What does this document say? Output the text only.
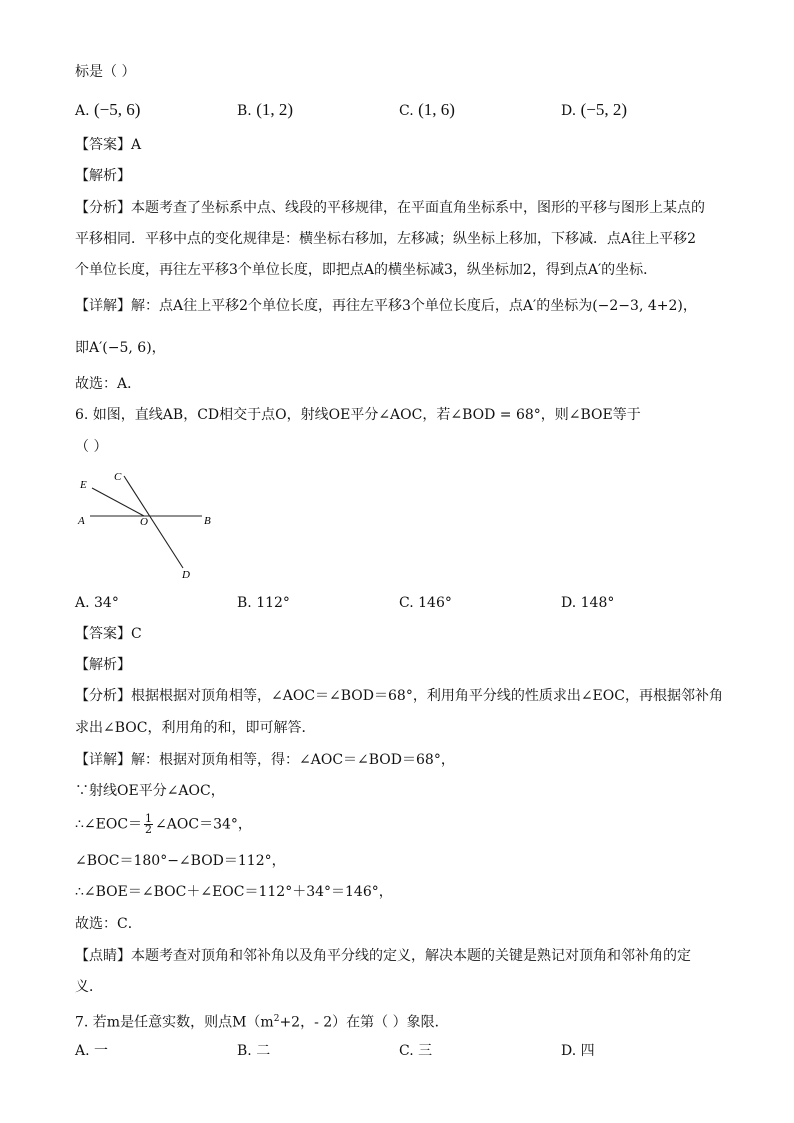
标是（ ）
A. (−5, 6)	B. (1, 2)	C. (1, 6)	D. (−5, 2)
【答案】A
【解析】
【分析】本题考查了坐标系中点、线段的平移规律，在平面直角坐标系中，图形的平移与图形上某点的
平移相同．平移中点的变化规律是：横坐标右移加，左移减；纵坐标上移加，下移减．点A往上平移2
个单位长度，再往左平移3个单位长度，即把点A的横坐标减3，纵坐标加2，得到点A′的坐标．
【详解】解：点A往上平移2个单位长度，再往左平移3个单位长度后，点A′的坐标为(−2−3, 4+2)，
即A′(−5, 6)，
故选：A．
6. 如图，直线AB，CD相交于点O，射线OE平分∠AOC，若∠BOD = 68°，则∠BOE等于
（ ）
E
C
A	O	B
D
A. 34°	B. 112°	C. 146°	D. 148°
【答案】C
【解析】
【分析】根据根据对顶角相等，∠AOC＝∠BOD＝68°，利用角平分线的性质求出∠EOC，再根据邻补角
求出∠BOC，利用角的和，即可解答．
【详解】解：根据对顶角相等，得：∠AOC＝∠BOD＝68°，
∵射线OE平分∠AOC，
∴∠EOC＝ $\frac{1}{2}$ ∠AOC＝34°，
∠BOC＝180°−∠BOD＝112°，
∴∠BOE＝∠BOC＋∠EOC＝112°＋34°＝146°，
故选：C．
【点睛】本题考查对顶角和邻补角以及角平分线的定义，解决本题的关键是熟记对顶角和邻补角的定
义．
7. 若m是任意实数，则点$M(m^2+2$，- 2）在第（ ）象限．
A. 一	B. 二	C. 三	D. 四
